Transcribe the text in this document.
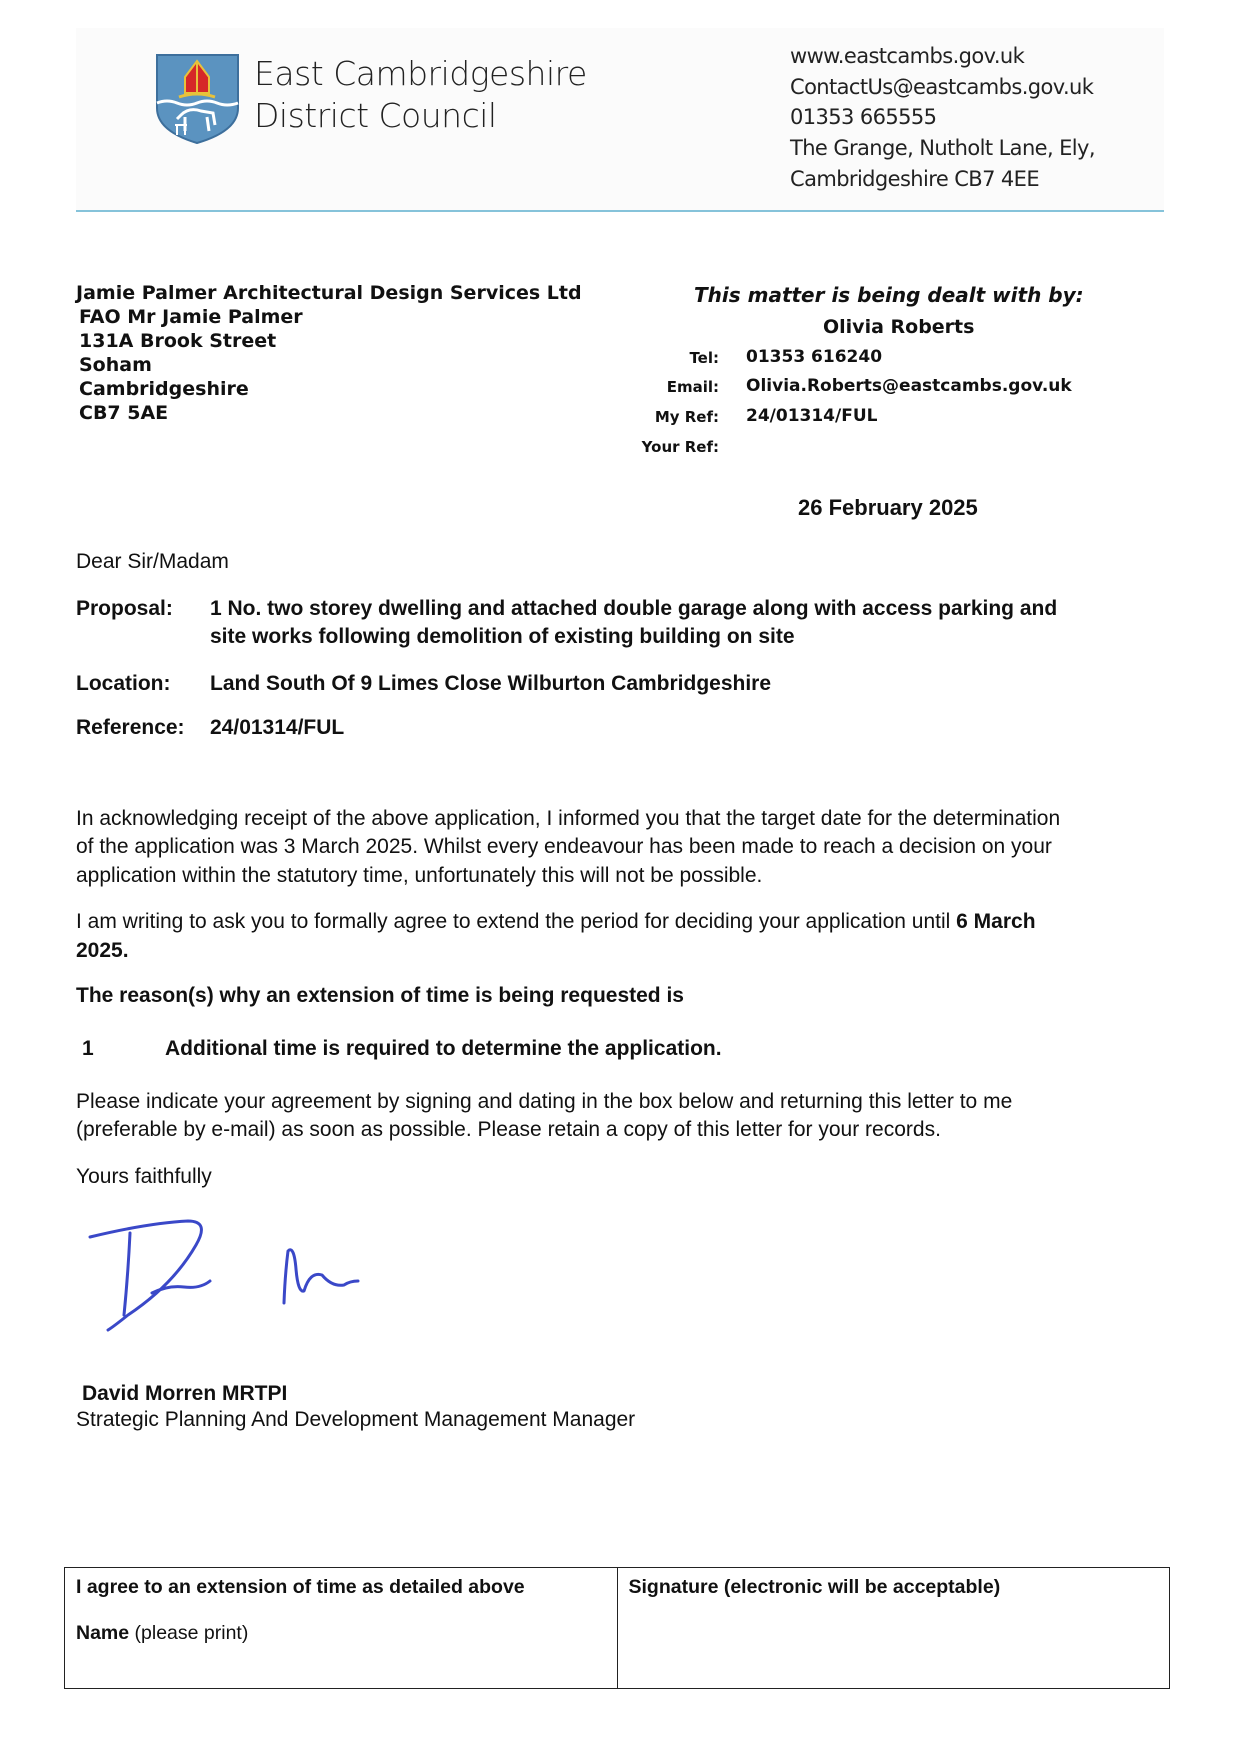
East Cambridgeshire
District Council
www.eastcambs.gov.uk
ContactUs@eastcambs.gov.uk
01353 665555
The Grange, Nutholt Lane, Ely,
Cambridgeshire CB7 4EE
Jamie Palmer Architectural Design Services Ltd
FAO Mr Jamie Palmer
131A Brook Street
Soham
Cambridgeshire
CB7 5AE
This matter is being dealt with by:
Olivia Roberts
Tel: 01353 616240
Email: Olivia.Roberts@eastcambs.gov.uk
My Ref: 24/01314/FUL
Your Ref:
26 February 2025
Dear Sir/Madam
Proposal: 1 No. two storey dwelling and attached double garage along with access parking and
site works following demolition of existing building on site
Location: Land South Of 9 Limes Close Wilburton Cambridgeshire
Reference: 24/01314/FUL
In acknowledging receipt of the above application, I informed you that the target date for the determination
of the application was 3 March 2025. Whilst every endeavour has been made to reach a decision on your
application within the statutory time, unfortunately this will not be possible.
I am writing to ask you to formally agree to extend the period for deciding your application until 6 March
2025.
The reason(s) why an extension of time is being requested is
1	Additional time is required to determine the application.
Please indicate your agreement by signing and dating in the box below and returning this letter to me
(preferable by e-mail) as soon as possible. Please retain a copy of this letter for your records.
Yours faithfully
David Morren MRTPI
Strategic Planning And Development Management Manager
I agree to an extension of time as detailed above
Name (please print)

Signature (electronic will be acceptable)
